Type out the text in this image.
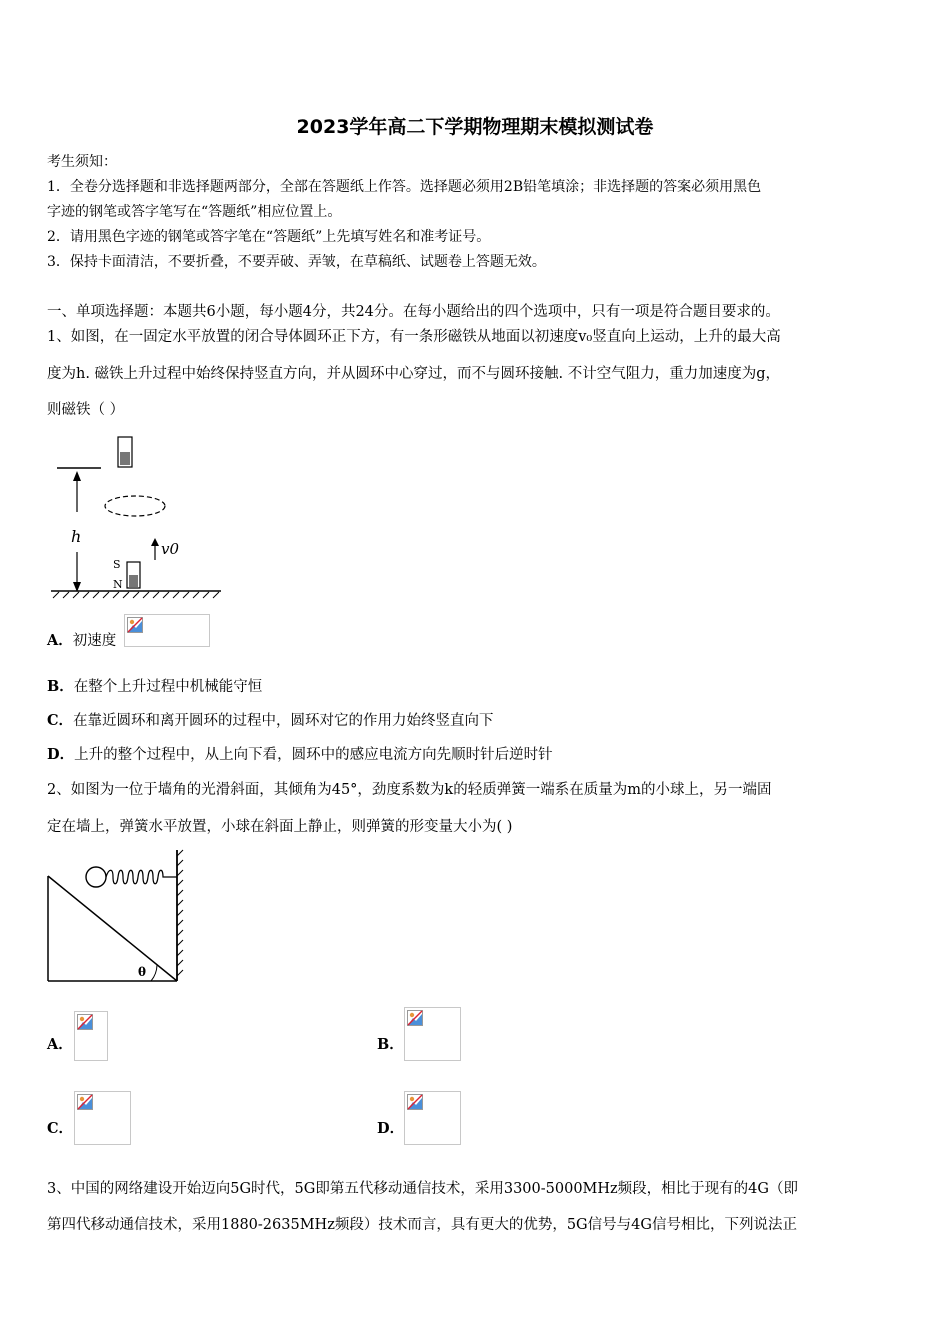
2023学年高二下学期物理期末模拟测试卷
考生须知：
1．全卷分选择题和非选择题两部分，全部在答题纸上作答。选择题必须用2B铅笔填涂；非选择题的答案必须用黑色
字迹的钢笔或答字笔写在“答题纸”相应位置上。
2．请用黑色字迹的钢笔或答字笔在“答题纸”上先填写姓名和准考证号。
3．保持卡面清洁，不要折叠，不要弄破、弄皱，在草稿纸、试题卷上答题无效。
一、单项选择题：本题共6小题，每小题4分，共24分。在每小题给出的四个选项中，只有一项是符合题目要求的。
1、如图，在一固定水平放置的闭合导体圆环正下方，有一条形磁铁从地面以初速度v₀竖直向上运动，上升的最大高
度为h. 磁铁上升过程中始终保持竖直方向，并从圆环中心穿过，而不与圆环接触. 不计空气阻力，重力加速度为g，
则磁铁（ ）
h
S
N
v0
A．初速度
B．在整个上升过程中机械能守恒
C．在靠近圆环和离开圆环的过程中，圆环对它的作用力始终竖直向下
D．上升的整个过程中，从上向下看，圆环中的感应电流方向先顺时针后逆时针
2、如图为一位于墙角的光滑斜面，其倾角为45°，劲度系数为k的轻质弹簧一端系在质量为m的小球上，另一端固
定在墙上，弹簧水平放置，小球在斜面上静止，则弹簧的形变量大小为( )
θ
A．	B．
C．	D．
3、中国的网络建设开始迈向5G时代，5G即第五代移动通信技术，采用3300-5000MHz频段，相比于现有的4G（即
第四代移动通信技术，采用1880-2635MHz频段）技术而言，具有更大的优势，5G信号与4G信号相比，下列说法正
